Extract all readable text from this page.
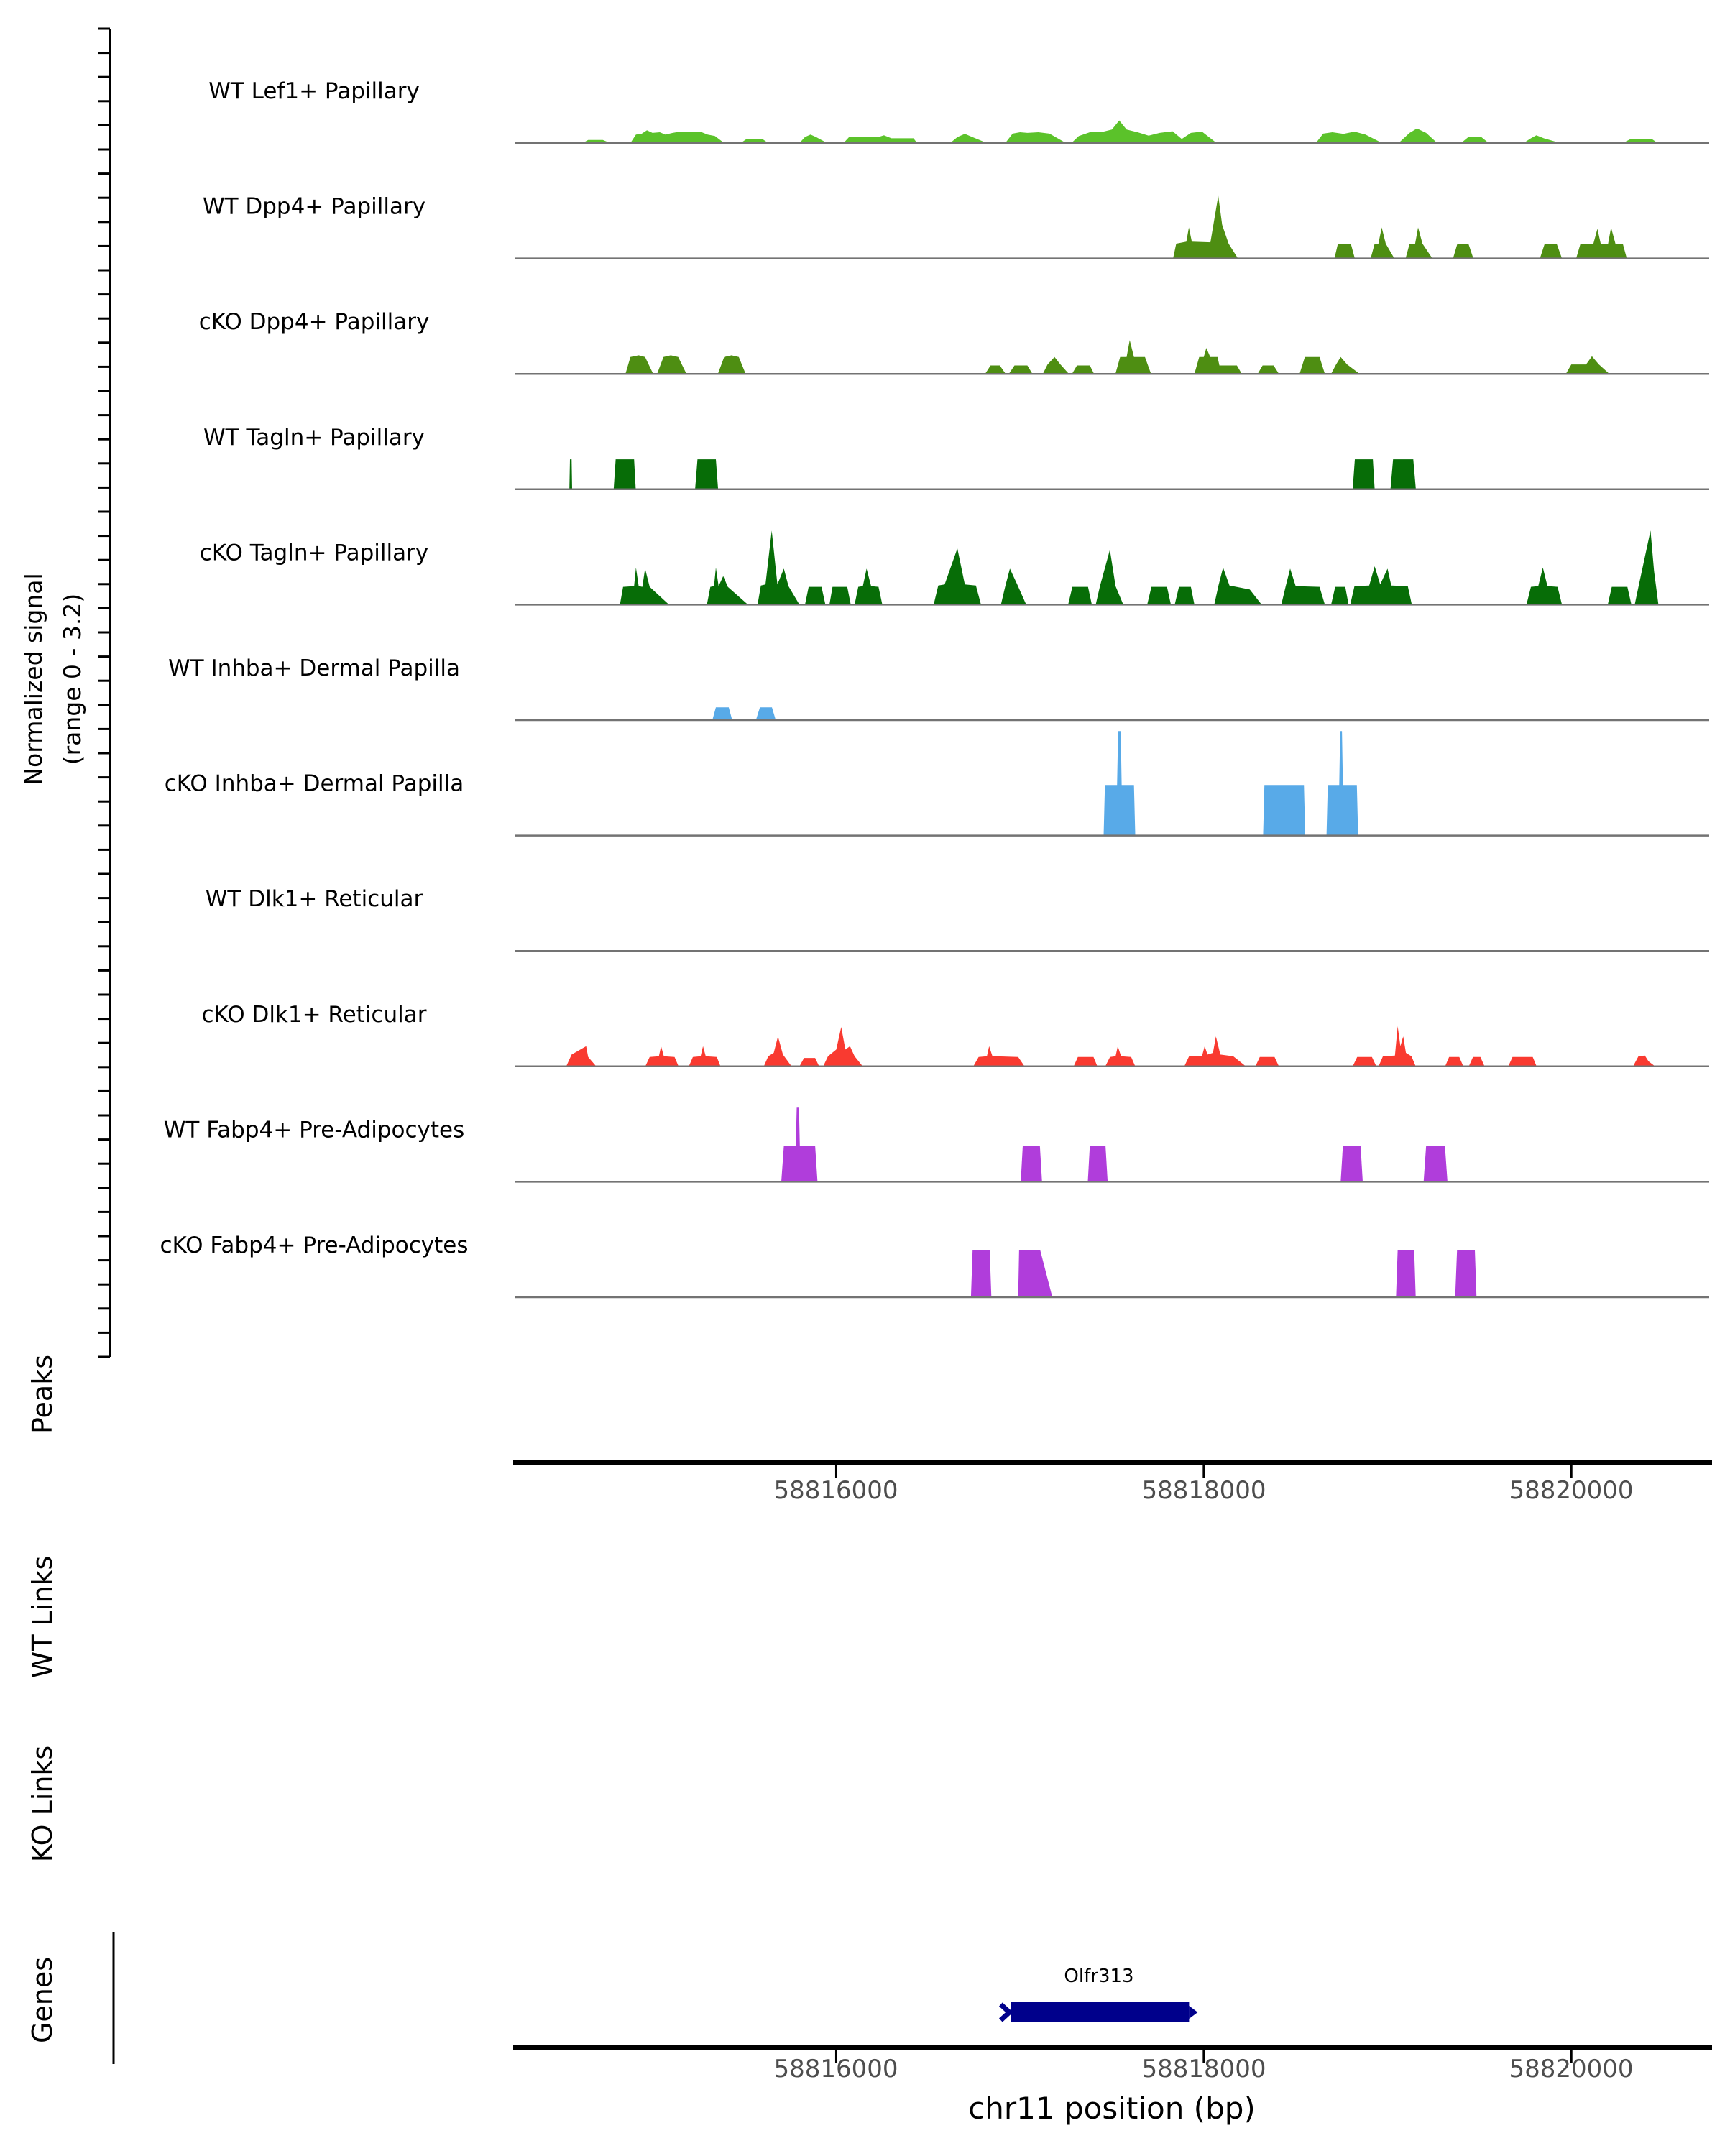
Normalized signal (range 0 - 3.2)
WT Lef1+ Papillary
WT Dpp4+ Papillary
cKO Dpp4+ Papillary
WT Tagln+ Papillary
cKO Tagln+ Papillary
WT Inhba+ Dermal Papilla
cKO Inhba+ Dermal Papilla
WT Dlk1+ Reticular
cKO Dlk1+ Reticular
WT Fabp4+ Pre-Adipocytes
cKO Fabp4+ Pre-Adipocytes
Peaks
58816000	58818000	58820000
WT Links
KO Links
Genes	Olfr313
58816000	58818000	58820000
chr11 position (bp)
